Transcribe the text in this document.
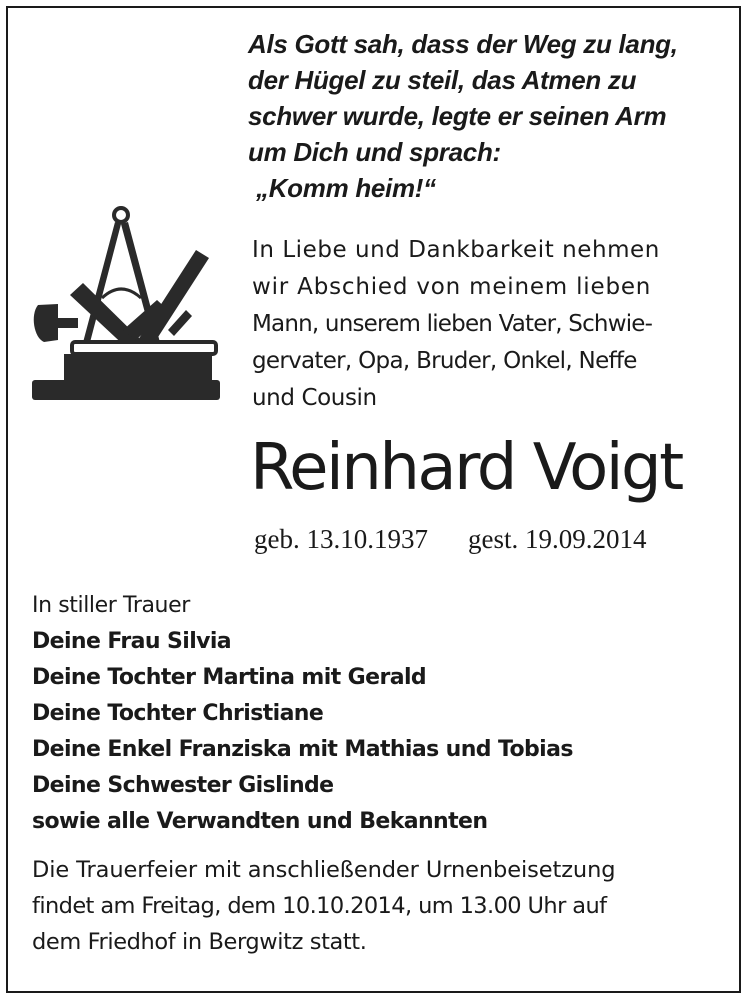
Als Gott sah, dass der Weg zu lang,
der Hügel zu steil, das Atmen zu
schwer wurde, legte er seinen Arm
um Dich und sprach:
„Komm heim!“
In Liebe und Dankbarkeit nehmen
wir Abschied von meinem lieben
Mann, unserem lieben Vater, Schwie-
gervater, Opa, Bruder, Onkel, Neffe
und Cousin
Reinhard Voigt
geb. 13.10.1937 gest. 19.09.2014
In stiller Trauer
Deine Frau Silvia
Deine Tochter Martina mit Gerald
Deine Tochter Christiane
Deine Enkel Franziska mit Mathias und Tobias
Deine Schwester Gislinde
sowie alle Verwandten und Bekannten
Die Trauerfeier mit anschließender Urnenbeisetzung
findet am Freitag, dem 10.10.2014, um 13.00 Uhr auf
dem Friedhof in Bergwitz statt.
